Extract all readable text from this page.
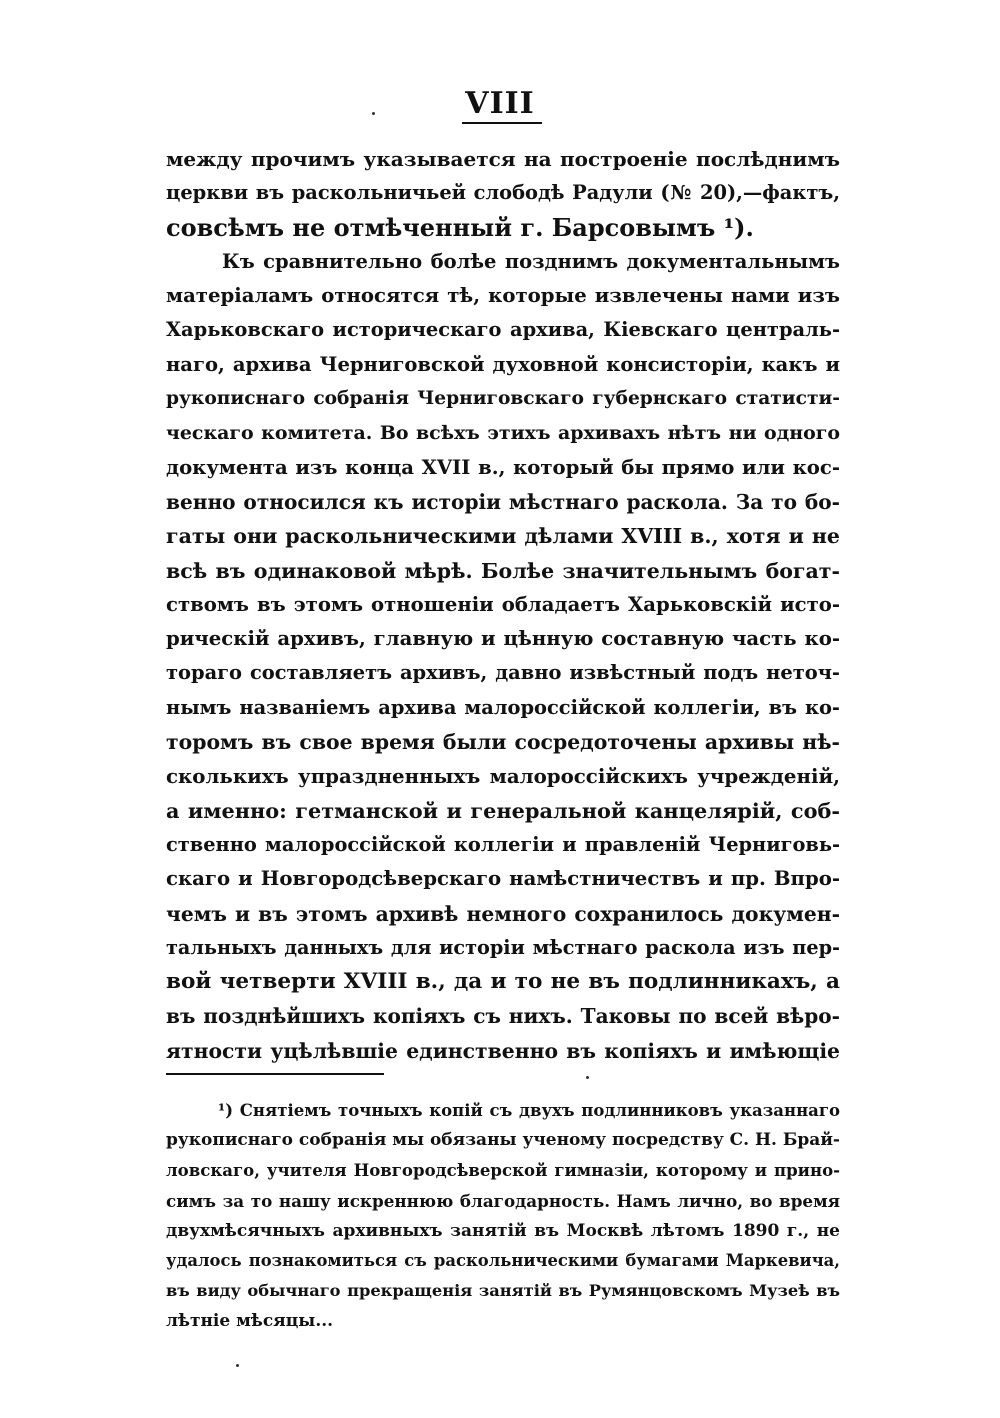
VIII
между прочимъ указывается на построеніе послѣднимъ
церкви въ раскольничьей слободѣ Радули (№ 20),—фактъ,
совсѣмъ не отмѣченный г. Барсовымъ ¹).
Къ сравнительно болѣе позднимъ документальнымъ
матеріаламъ относятся тѣ, которые извлечены нами изъ
Харьковскаго историческаго архива, Кіевскаго централь-
наго, архива Черниговской духовной консисторіи, какъ и
рукописнаго собранія Черниговскаго губернскаго статисти-
ческаго комитета. Во всѣхъ этихъ архивахъ нѣтъ ни одного
документа изъ конца XVII в., который бы прямо или кос-
венно относился къ исторіи мѣстнаго раскола. За то бо-
гаты они раскольническими дѣлами XVIII в., хотя и не
всѣ въ одинаковой мѣрѣ. Болѣе значительнымъ богат-
ствомъ въ этомъ отношеніи обладаетъ Харьковскій исто-
рическій архивъ, главную и цѣнную составную часть ко-
тораго составляетъ архивъ, давно извѣстный подъ неточ-
нымъ названіемъ архива малороссійской коллегіи, въ ко-
торомъ въ свое время были сосредоточены архивы нѣ-
сколькихъ упраздненныхъ малороссійскихъ учрежденій,
а именно: гетманской и генеральной канцелярій, соб-
ственно малороссійской коллегіи и правленій Черниговь-
скаго и Новгородсѣверскаго намѣстничествъ и пр. Впро-
чемъ и въ этомъ архивѣ немного сохранилось докумен-
тальныхъ данныхъ для исторіи мѣстнаго раскола изъ пер-
вой четверти XVIII в., да и то не въ подлинникахъ, а
въ позднѣйшихъ копіяхъ съ нихъ. Таковы по всей вѣро-
ятности уцѣлѣвшіе единственно въ копіяхъ и имѣющіе
¹) Снятіемъ точныхъ копій съ двухъ подлинниковъ указаннаго
рукописнаго собранія мы обязаны ученому посредству С. Н. Брай-
ловскаго, учителя Новгородсѣверской гимназіи, которому и прино-
симъ за то нашу искреннюю благодарность. Намъ лично, во время
двухмѣсячныхъ архивныхъ занятій въ Москвѣ лѣтомъ 1890 г., не
удалось познакомиться съ раскольническими бумагами Маркевича,
въ виду обычнаго прекращенія занятій въ Румянцовскомъ Музеѣ въ
лѣтніе мѣсяцы...
